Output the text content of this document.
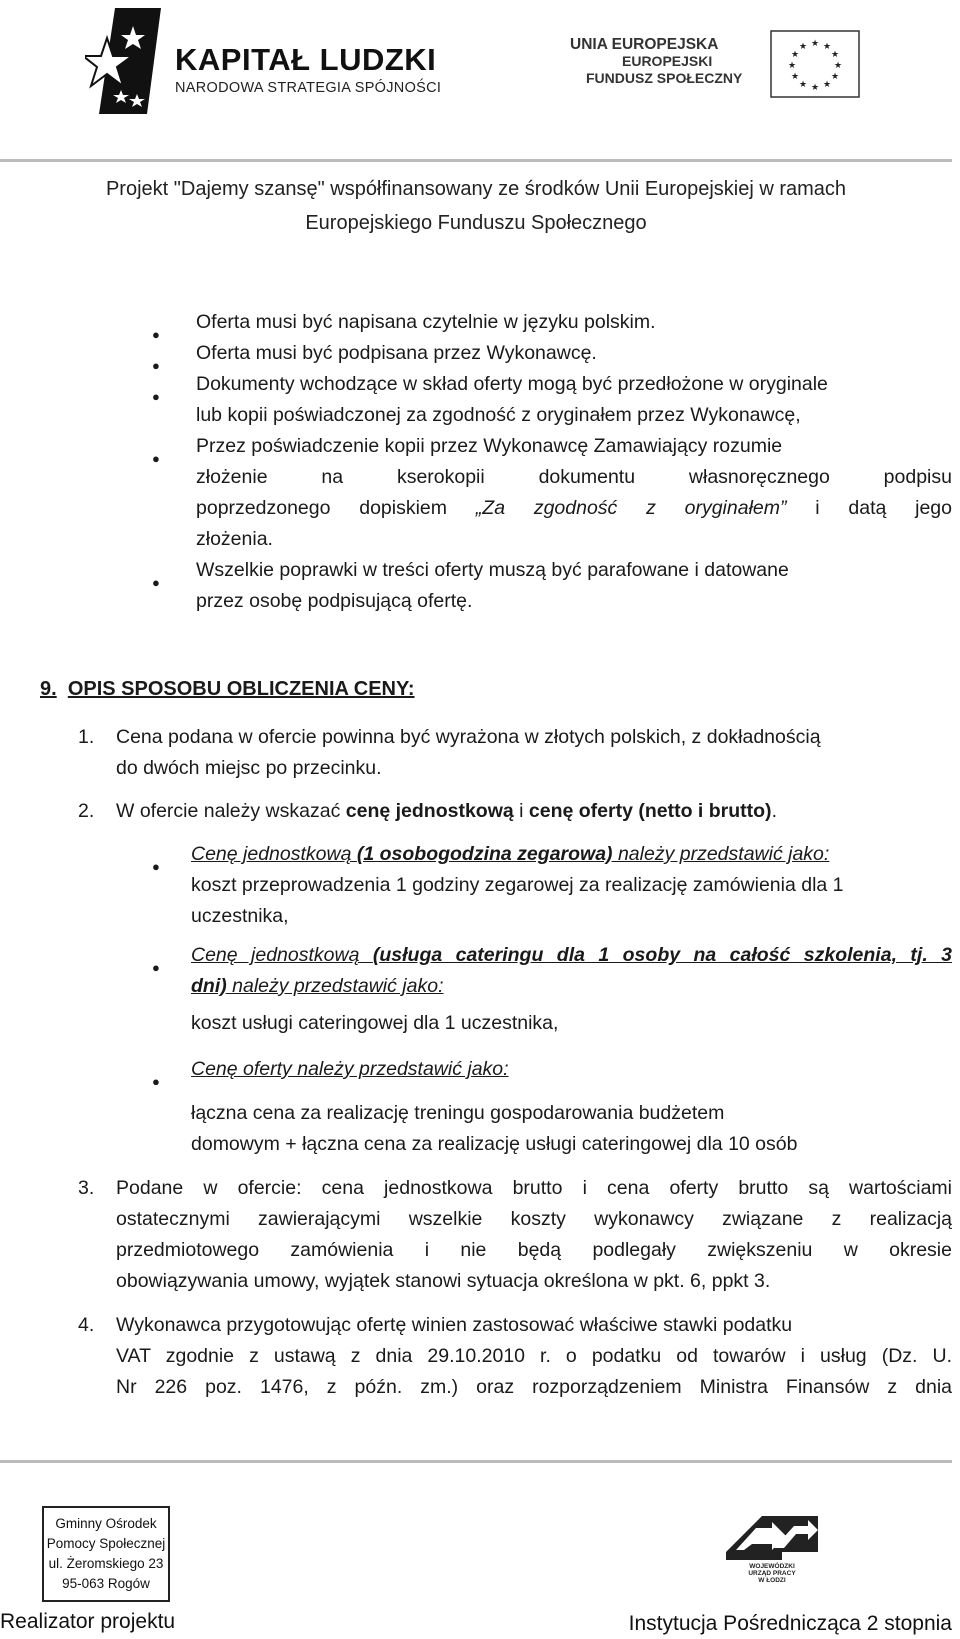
KAPITAŁ LUDZKI
NARODOWA STRATEGIA SPÓJNOŚCI
UNIA EUROPEJSKA
EUROPEJSKI
FUNDUSZ SPOŁECZNY
★ ★
★
★
★
★
★
★
★
★
★
★
Projekt "Dajemy szansę" współfinansowany ze środków Unii Europejskiej w ramach
Europejskiego Funduszu Społecznego
●
Oferta musi być napisana czytelnie w języku polskim.
●
Oferta musi być podpisana przez Wykonawcę.
●
Dokumenty wchodzące w skład oferty mogą być przedłożone w oryginale
lub kopii poświadczonej za zgodność z oryginałem przez Wykonawcę,
●
Przez poświadczenie kopii przez Wykonawcę Zamawiający rozumie
złożenie na kserokopii dokumentu własnoręcznego podpisu
poprzedzonego dopiskiem „Za zgodność z oryginałem” i datą jego
złożenia.
●
Wszelkie poprawki w treści oferty muszą być parafowane i datowane
przez osobę podpisującą ofertę.
9. OPIS SPOSOBU OBLICZENIA CENY:
1. Cena podana w ofercie powinna być wyrażona w złotych polskich, z dokładnością
do dwóch miejsc po przecinku.
2. W ofercie należy wskazać cenę jednostkową i cenę oferty (netto i brutto).
●
Cenę jednostkową (1 osobogodzina zegarowa) należy przedstawić jako:
koszt przeprowadzenia 1 godziny zegarowej za realizację zamówienia dla 1
uczestnika,
●
Cenę jednostkową (usługa cateringu dla 1 osoby na całość szkolenia, tj. 3
dni) należy przedstawić jako:
koszt usługi cateringowej dla 1 uczestnika,
●
Cenę oferty należy przedstawić jako:
łączna cena za realizację treningu gospodarowania budżetem
domowym + łączna cena za realizację usługi cateringowej dla 10 osób
3. Podane w ofercie: cena jednostkowa brutto i cena oferty brutto są wartościami
ostatecznymi zawierającymi wszelkie koszty wykonawcy związane z realizacją
przedmiotowego zamówienia i nie będą podlegały zwiększeniu w okresie
obowiązywania umowy, wyjątek stanowi sytuacja określona w pkt. 6, ppkt 3.
4. Wykonawca przygotowując ofertę winien zastosować właściwe stawki podatku
VAT zgodnie z ustawą z dnia 29.10.2010 r. o podatku od towarów i usług (Dz. U.
Nr 226 poz. 1476, z późn. zm.) oraz rozporządzeniem Ministra Finansów z dnia
Gminny Ośrodek
Pomocy Społecznej
ul. Żeromskiego 23
95-063 Rogów
Realizator projektu
WOJEWÓDZKI
URZĄD PRACY
W ŁODZI
Instytucja Pośrednicząca 2 stopnia
